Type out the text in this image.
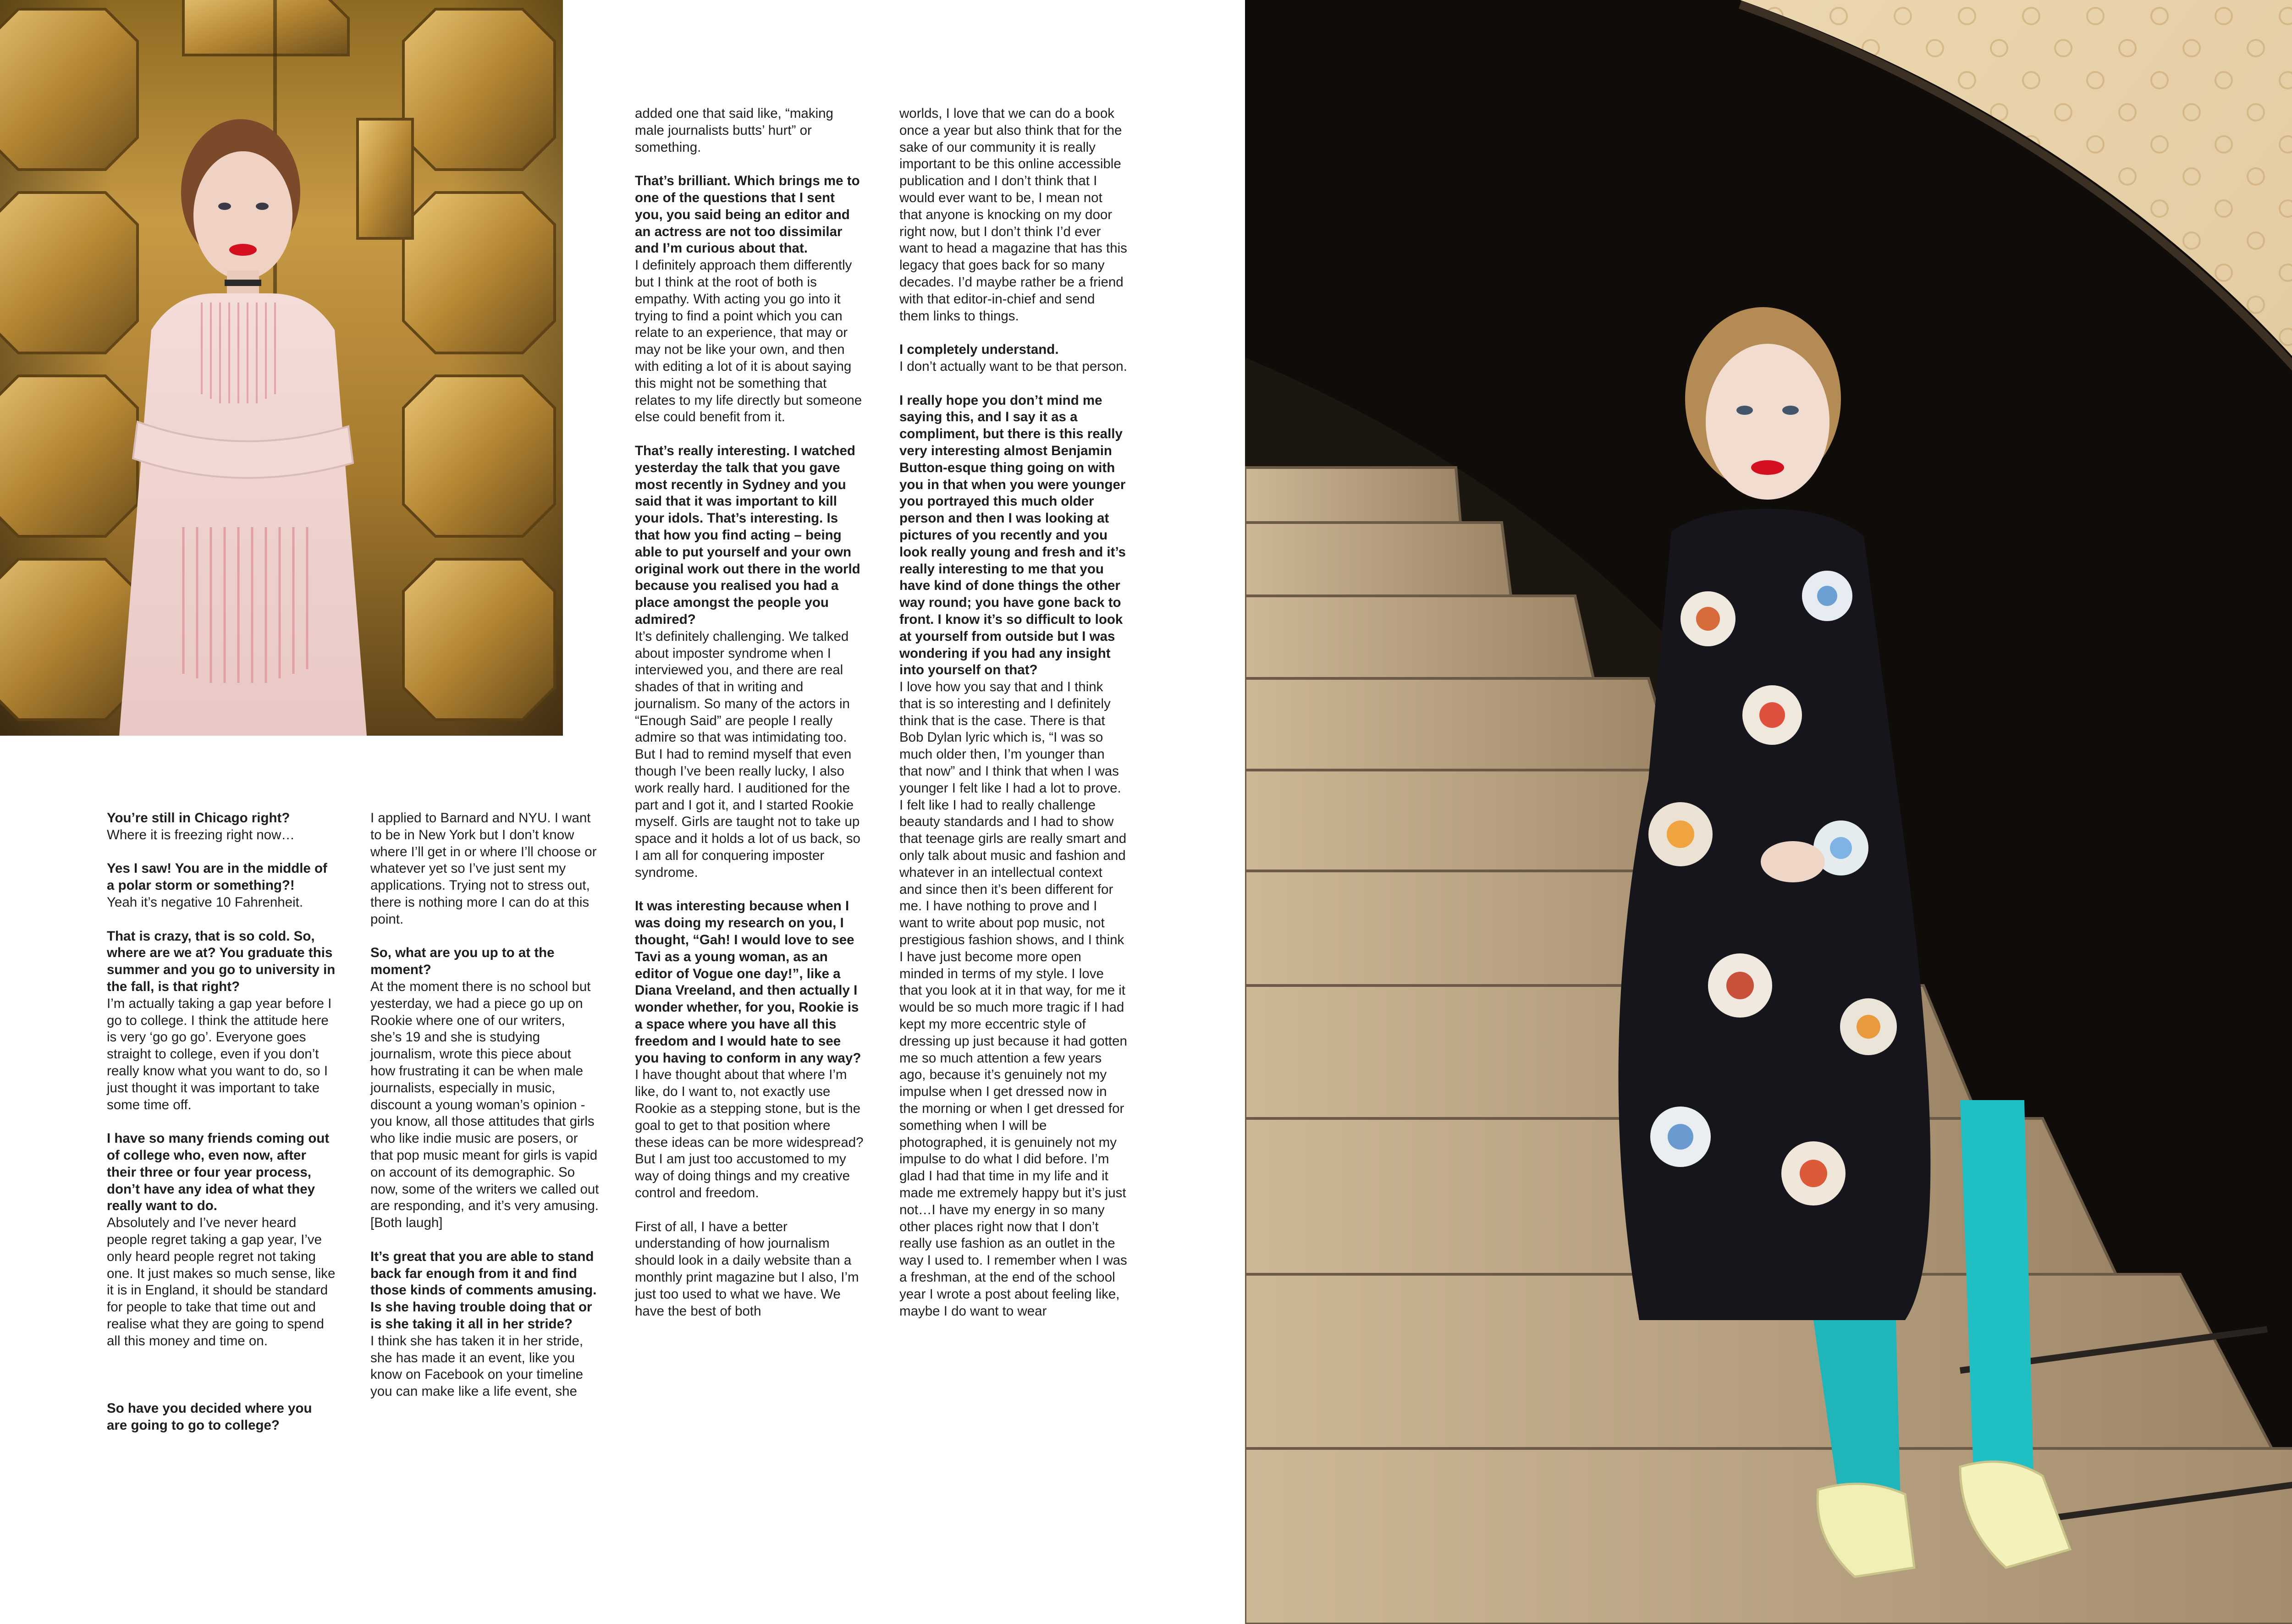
You’re still in Chicago right?
Where it is freezing right now…

Yes I saw! You are in the middle of a polar storm or something?!
Yeah it’s negative 10 Fahrenheit.

That is crazy, that is so cold. So, where are we at? You graduate this summer and you go to university in the fall, is that right?
I’m actually taking a gap year before I go to college. I think the attitude here is very ‘go go go’. Everyone goes straight to college, even if you don’t really know what you want to do, so I just thought it was important to take some time off.

I have so many friends coming out of college who, even now, after their three or four year process, don’t have any idea of what they really want to do.
Absolutely and I’ve never heard people regret taking a gap year, I’ve only heard people regret not taking one. It just makes so much sense, like it is in England, it should be standard for people to take that time out and realise what they are going to spend all this money and time on.

So have you decided where you are going to go to college?

I applied to Barnard and NYU. I want to be in New York but I don’t know where I’ll get in or where I’ll choose or whatever yet so I’ve just sent my applications. Trying not to stress out, there is nothing more I can do at this point.

So, what are you up to at the moment?
At the moment there is no school but yesterday, we had a piece go up on Rookie where one of our writers, she’s 19 and she is studying journalism, wrote this piece about how frustrating it can be when male journalists, especially in music, discount a young woman’s opinion - you know, all those attitudes that girls who like indie music are posers, or that pop music meant for girls is vapid on account of its demographic. So now, some of the writers we called out are responding, and it’s very amusing. [Both laugh]

It’s great that you are able to stand back far enough from it and find those kinds of comments amusing. Is she having trouble doing that or is she taking it all in her stride?
I think she has taken it in her stride, she has made it an event, like you know on Facebook on your timeline you can make like a life event, she

added one that said like, “making male journalists butts’ hurt” or something.

That’s brilliant. Which brings me to one of the questions that I sent you, you said being an editor and an actress are not too dissimilar and I’m curious about that.
I definitely approach them differently but I think at the root of both is empathy. With acting you go into it trying to find a point which you can relate to an experience, that may or may not be like your own, and then with editing a lot of it is about saying this might not be something that relates to my life directly but someone else could benefit from it.

That’s really interesting. I watched yesterday the talk that you gave most recently in Sydney and you said that it was important to kill your idols. That’s interesting. Is that how you find acting – being able to put yourself and your own original work out there in the world because you realised you had a place amongst the people you admired?
It’s definitely challenging. We talked about imposter syndrome when I interviewed you, and there are real shades of that in writing and journalism. So many of the actors in “Enough Said” are people I really admire so that was intimidating too. But I had to remind myself that even though I’ve been really lucky, I also work really hard. I auditioned for the part and I got it, and I started Rookie myself. Girls are taught not to take up space and it holds a lot of us back, so I am all for conquering imposter syndrome.

It was interesting because when I was doing my research on you, I thought, “Gah! I would love to see Tavi as a young woman, as an editor of Vogue one day!”, like a Diana Vreeland, and then actually I wonder whether, for you, Rookie is a space where you have all this freedom and I would hate to see you having to conform in any way?
I have thought about that where I’m like, do I want to, not exactly use Rookie as a stepping stone, but is the goal to get to that position where these ideas can be more widespread? But I am just too accustomed to my way of doing things and my creative control and freedom.

First of all, I have a better understanding of how journalism should look in a daily website than a monthly print magazine but I also, I’m just too used to what we have. We have the best of both

worlds, I love that we can do a book once a year but also think that for the sake of our community it is really important to be this online accessible publication and I don’t think that I would ever want to be, I mean not that anyone is knocking on my door right now, but I don’t think I’d ever want to head a magazine that has this legacy that goes back for so many decades. I’d maybe rather be a friend with that editor-in-chief and send them links to things.

I completely understand.
I don’t actually want to be that person.

I really hope you don’t mind me saying this, and I say it as a compliment, but there is this really very interesting almost Benjamin Button-esque thing going on with you in that when you were younger you portrayed this much older person and then I was looking at pictures of you recently and you look really young and fresh and it’s really interesting to me that you have kind of done things the other way round; you have gone back to front. I know it’s so difficult to look at yourself from outside but I was wondering if you had any insight into yourself on that?
I love how you say that and I think that is so interesting and I definitely think that is the case. There is that Bob Dylan lyric which is, “I was so much older then, I’m younger than that now” and I think that when I was younger I felt like I had a lot to prove. I felt like I had to really challenge beauty standards and I had to show that teenage girls are really smart and only talk about music and fashion and whatever in an intellectual context and since then it’s been different for me. I have nothing to prove and I want to write about pop music, not prestigious fashion shows, and I think I have just become more open minded in terms of my style. I love that you look at it in that way, for me it would be so much more tragic if I had kept my more eccentric style of dressing up just because it had gotten me so much attention a few years ago, because it’s genuinely not my impulse when I get dressed now in the morning or when I get dressed for something when I will be photographed, it is genuinely not my impulse to do what I did before. I’m glad I had that time in my life and it made me extremely happy but it’s just not…I have my energy in so many other places right now that I don’t really use fashion as an outlet in the way I used to. I remember when I was a freshman, at the end of the school year I wrote a post about feeling like, maybe I do want to wear
